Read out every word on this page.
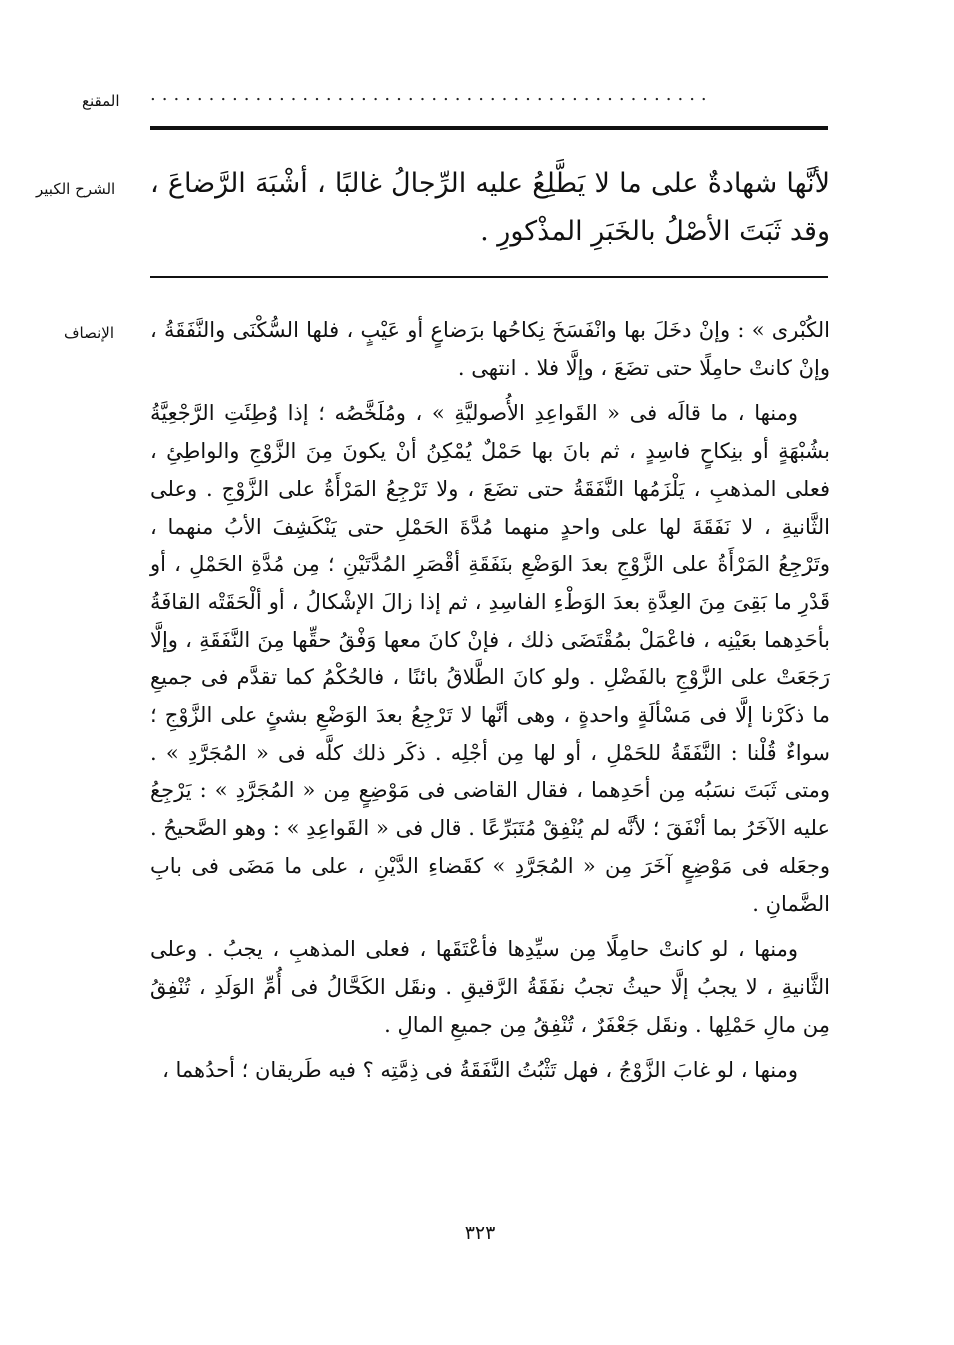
المقنع	................................................
الشرح الكبير	لأنَّها شهادةٌ على ما لا يَطَّلِعُ عليه الرِّجالُ غالبًا ، أشْبَهَ الرَّضاعَ ، وقد ثَبَتَ الأصْلُ بالخَبَرِ المذْكورِ .

الإنصاف	الكُبْرى » : وإنْ دخَلَ بها وانْفَسَخَ نِكاحُها برَضاعٍ أو عَيْبٍ ، فلها السُّكْنَى والنَّفَقَةُ ، وإنْ كانتْ حامِلًا حتى تضَعَ ، وإلَّا فلا . انتهى .

ومنها ، ما قالَه فى « القَواعِدِ الأُصوليَّةِ » ، ومُلَخَّصُه ؛ إذا وُطِئَتِ الرَّجْعِيَّةُ بشُبْهَةٍ أو بنِكاحٍ فاسِدٍ ، ثم بانَ بها حَمْلٌ يُمْكِنُ أنْ يكونَ مِنَ الزَّوْجِ والواطِئِ ، فعلى المذهبِ ، يَلْزَمُها النَّفَقَةُ حتى تضَعَ ، ولا تَرْجِعُ المَرْأَةُ على الزَّوْجِ . وعلى الثَّانيةِ ، لا نَفَقَةَ لها على واحدٍ منهما مُدَّةَ الحَمْلِ حتى يَنْكَشِفَ الأبُ منهما ، وتَرْجِعُ المَرْأَةُ على الزَّوْجِ بعدَ الوَضْعِ بنَفَقَةِ أقْصَرِ المُدَّتَيْنِ ؛ مِن مُدَّةِ الحَمْلِ ، أو قَدْرِ ما بَقِىَ مِنَ العِدَّةِ بعدَ الوَطْءِ الفاسِدِ ، ثم إذا زالَ الإشْكالُ ، أو ألْحَقَتْه القافَةُ بأحَدِهما بعَيْنِه ، فاعْمَلْ بمُقْتَضَى ذلك ، فإنْ كانَ معها وَفْقُ حقِّها مِنَ النَّفَقَةِ ، وإلَّا رَجَعَتْ على الزَّوْجِ بالفَضْلِ . ولو كانَ الطَّلاقُ بائنًا ، فالحُكْمُ كما تقدَّم فى جميعِ ما ذكَرْنا إلَّا فى مَسْألَةٍ واحدةٍ ، وهى أنَّها لا تَرْجِعُ بعدَ الوَضْعِ بشئٍ على الزَّوْجِ ؛ سواءٌ قُلْنا : النَّفَقَةُ للحَمْلِ ، أو لها مِن أجْلِه . ذكَر ذلك كلَّه فى « المُجَرَّدِ » . ومتى ثَبَتَ نسَبُه مِن أحَدِهما ، فقال القاضى فى مَوْضِعٍ مِن « المُجَرَّدِ » : يَرْجِعُ عليه الآخَرُ بما أنْفَقَ ؛ لأنَّه لم يُنْفِقْ مُتَبَرِّعًا . قال فى « القَواعِدِ » : وهو الصَّحيحُ . وجعَله فى مَوْضِعٍ آخَرَ مِن « المُجَرَّدِ » كقَضاءِ الدَّيْنِ ، على ما مَضَى فى بابِ الضَّمانِ .

ومنها ، لو كانتْ حامِلًا مِن سيِّدِها فأعْتَقَها ، فعلى المذهبِ ، يجبُ . وعلى الثَّانيةِ ، لا يجبُ إلَّا حيثُ تجبُ نفَقَةُ الرَّقيقِ . ونقَل الكَحَّالُ فى أُمِّ الوَلَدِ ، تُنْفِقُ مِن مالِ حَمْلِها . ونقَل جَعْفَرٌ ، تُنْفِقُ مِن جميعِ المالِ .

ومنها ، لو غابَ الزَّوْجُ ، فهل تَثْبُتُ النَّفَقَةُ فى ذِمَّتِه ؟ فيه طَريقان ؛ أحدُهما ،

٣٢٣
